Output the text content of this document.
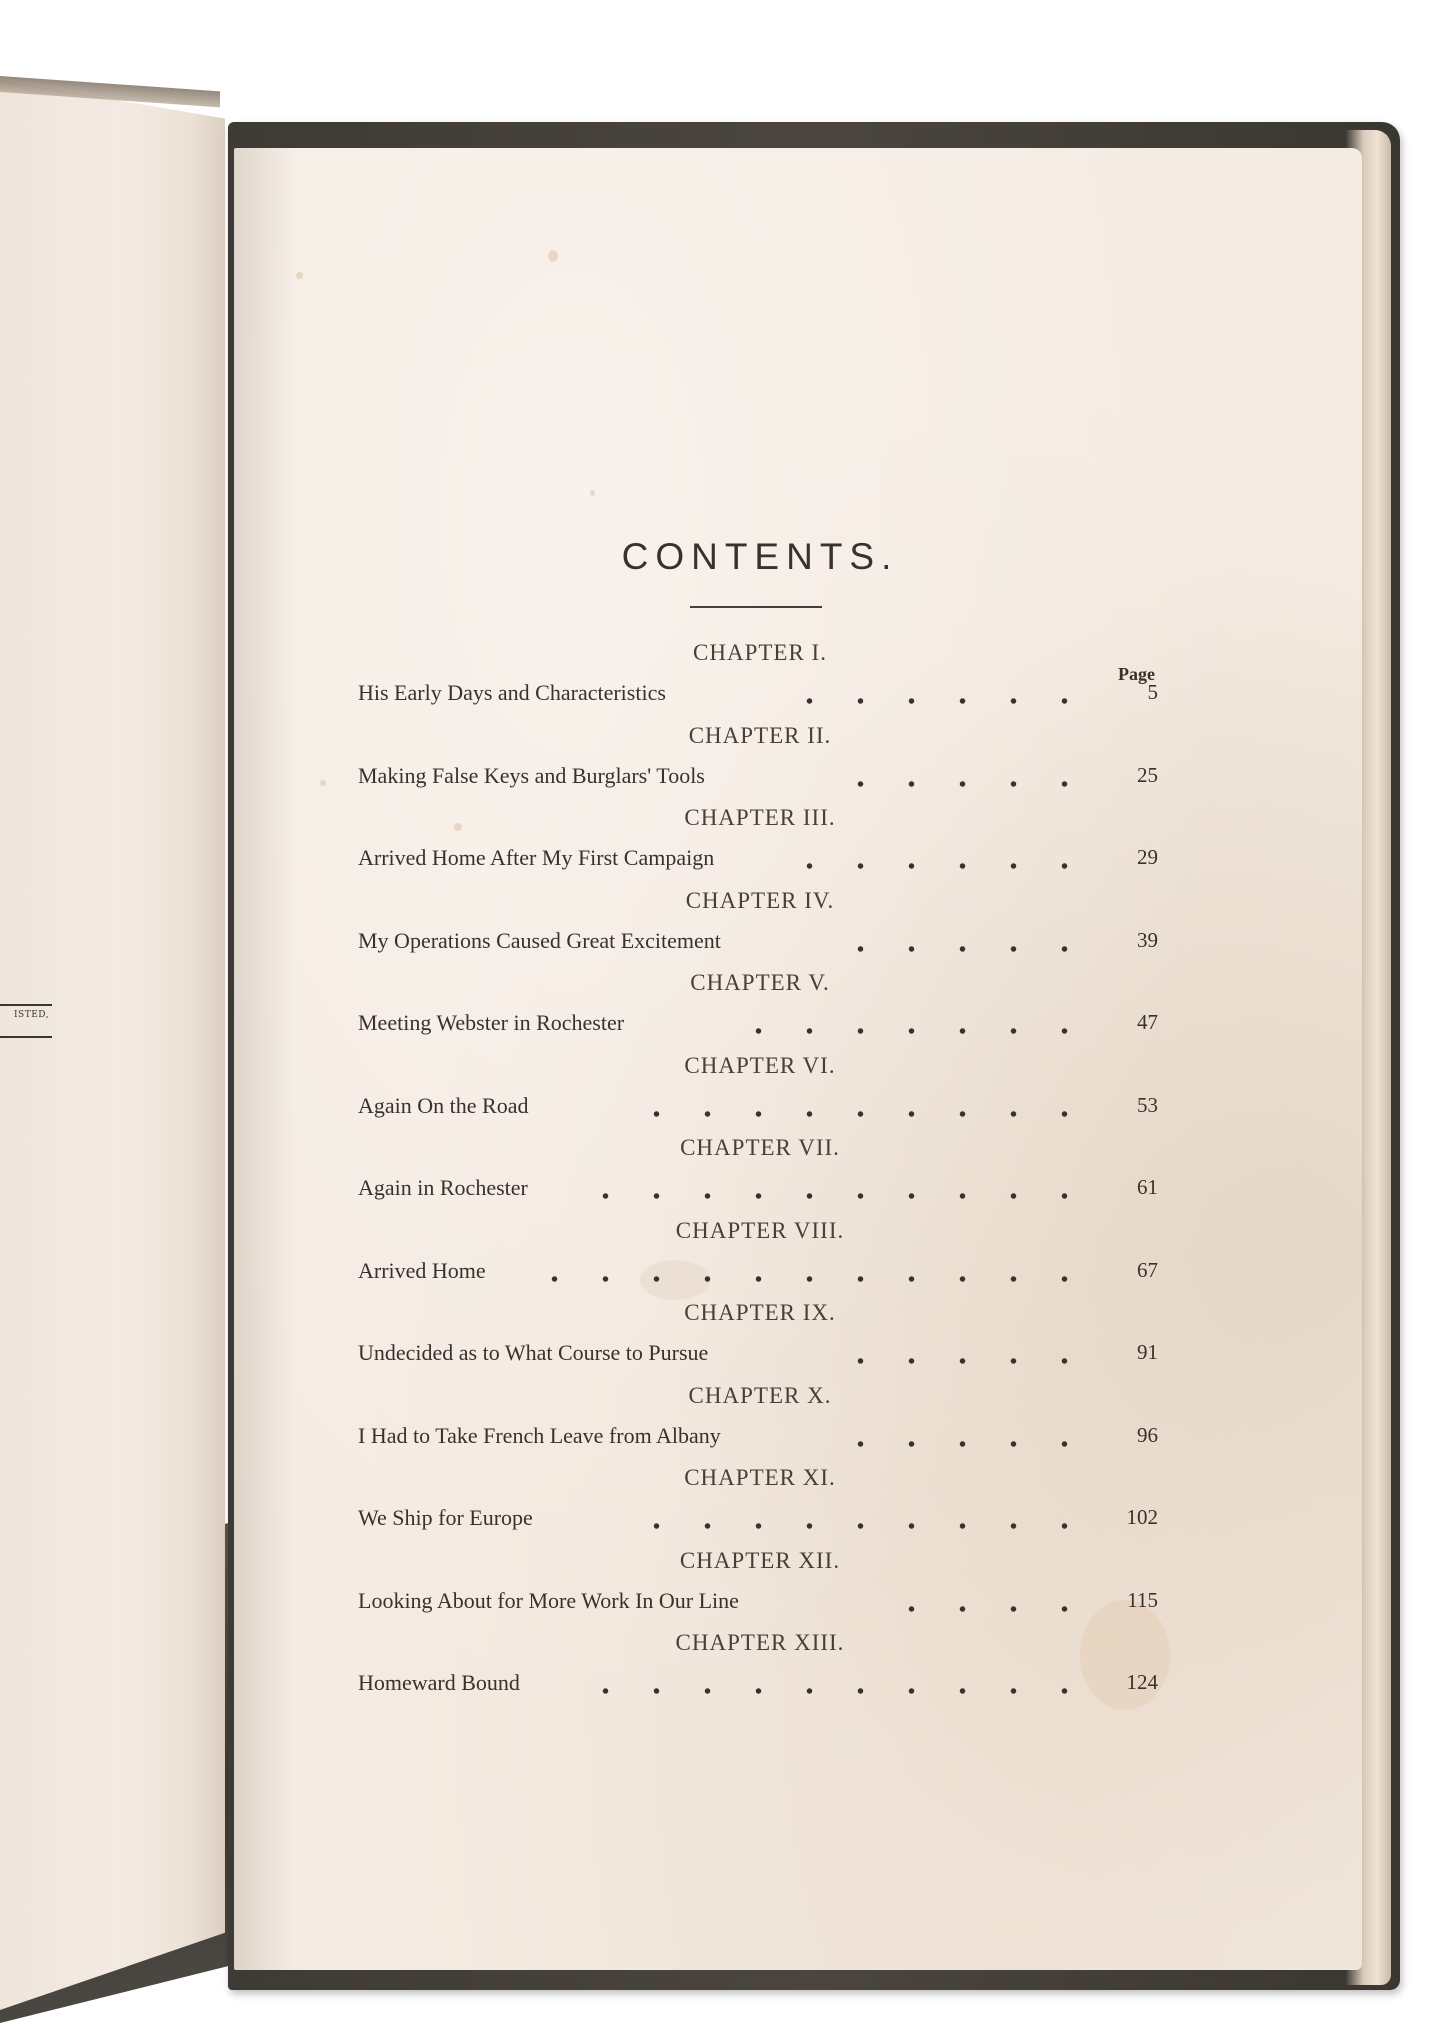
ISTED,
CONTENTS.
Page
CHAPTER I.
His Early Days and Characteristics	5
CHAPTER II.
Making False Keys and Burglars' Tools	25
CHAPTER III.
Arrived Home After My First Campaign	29
CHAPTER IV.
My Operations Caused Great Excitement	39
CHAPTER V.
Meeting Webster in Rochester	47
CHAPTER VI.
Again On the Road	53
CHAPTER VII.
Again in Rochester	61
CHAPTER VIII.
Arrived Home	67
CHAPTER IX.
Undecided as to What Course to Pursue	91
CHAPTER X.
I Had to Take French Leave from Albany	96
CHAPTER XI.
We Ship for Europe	102
CHAPTER XII.
Looking About for More Work In Our Line	115
CHAPTER XIII.
Homeward Bound	124
